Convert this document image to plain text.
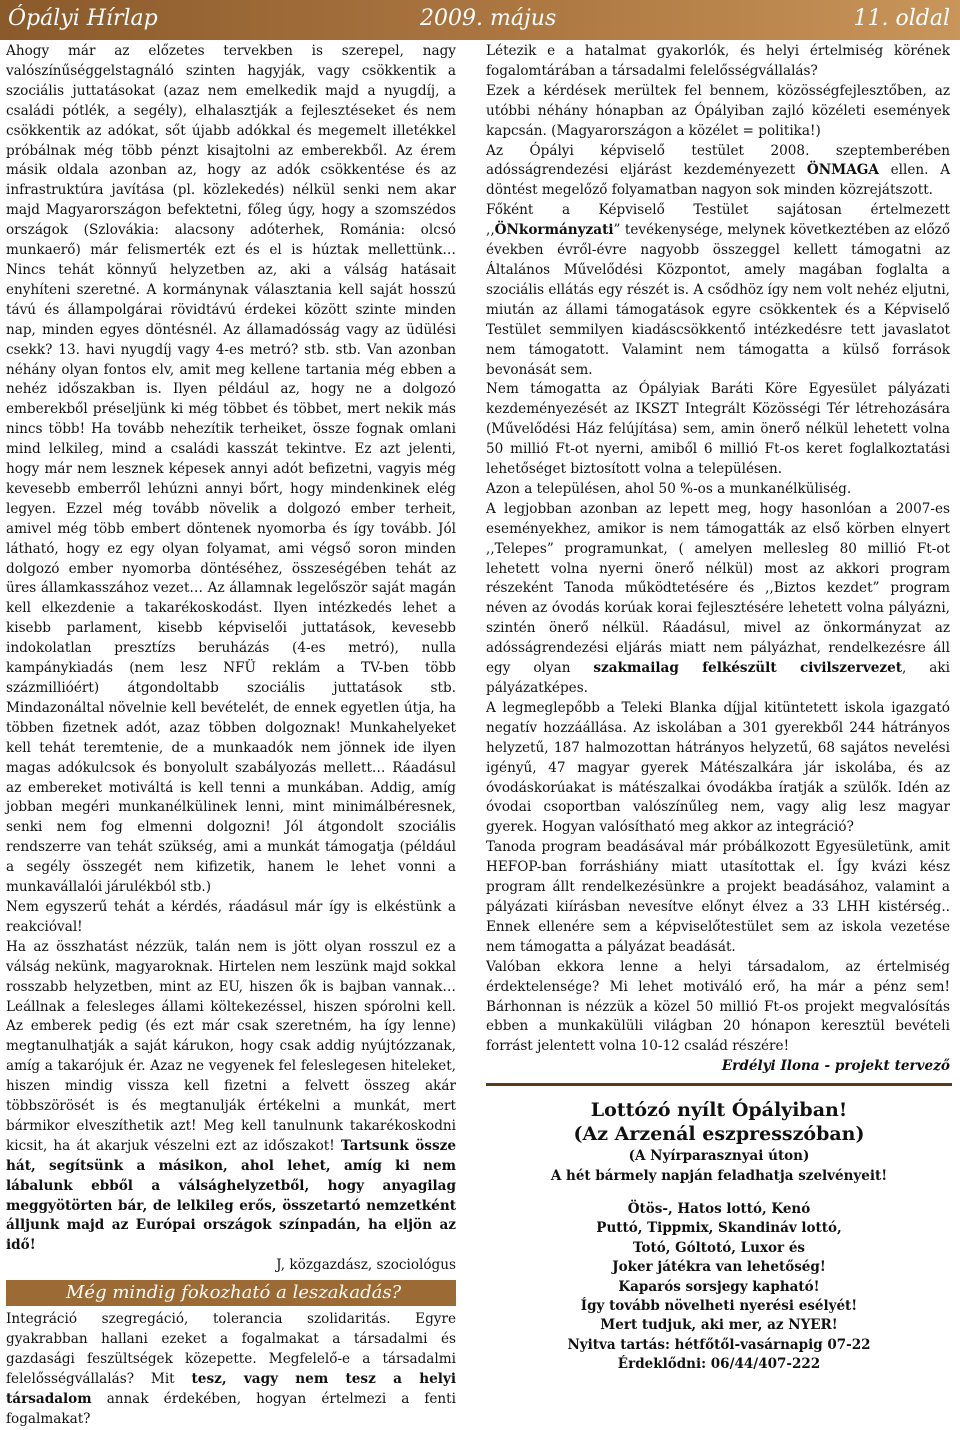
Ópályi Hírlap	2009. május	11. oldal

Ahogy már az előzetes tervekben is szerepel, nagy valószínűséggelstagnáló szinten hagyják, vagy csökkentik a szociális juttatásokat (azaz nem emelkedik majd a nyugdíj, a családi pótlék, a segély), elhalasztják a fejlesztéseket és nem csökkentik az adókat, sőt újabb adókkal és megemelt illetékkel próbálnak még több pénzt kisajtolni az emberekből. Az érem másik oldala azonban az, hogy az adók csökkentése és az infrastruktúra javítása (pl. közlekedés) nélkül senki nem akar majd Magyarországon befektetni, főleg úgy, hogy a szomszédos országok (Szlovákia: alacsony adóterhek, Románia: olcsó munkaerő) már felismerték ezt és el is húztak mellettünk… Nincs tehát könnyű helyzetben az, aki a válság hatásait enyhíteni szeretné. A kormánynak választania kell saját hosszú távú és állampolgárai rövidtávú érdekei között szinte minden nap, minden egyes döntésnél. Az államadósság vagy az üdülési csekk? 13. havi nyugdíj vagy 4-es metró? stb. stb. Van azonban néhány olyan fontos elv, amit meg kellene tartania még ebben a nehéz időszakban is. Ilyen például az, hogy ne a dolgozó emberekből préseljünk ki még többet és többet, mert nekik más nincs több! Ha tovább nehezítik terheiket, össze fognak omlani mind lelkileg, mind a családi kasszát tekintve. Ez azt jelenti, hogy már nem lesznek képesek annyi adót befizetni, vagyis még kevesebb emberről lehúzni annyi bőrt, hogy mindenkinek elég legyen. Ezzel még tovább növelik a dolgozó ember terheit, amivel még több embert döntenek nyomorba és így tovább. Jól látható, hogy ez egy olyan folyamat, ami végső soron minden dolgozó ember nyomorba döntéséhez, összeségében tehát az üres államkasszához vezet… Az államnak legelőször saját magán kell elkezdenie a takarékoskodást. Ilyen intézkedés lehet a kisebb parlament, kisebb képviselői juttatások, kevesebb indokolatlan presztízs beruházás (4-es metró), nulla kampánykiadás (nem lesz NFÜ reklám a TV-ben több százmillióért) átgondoltabb szociális juttatások stb. Mindazonáltal növelnie kell bevételét, de ennek egyetlen útja, ha többen fizetnek adót, azaz többen dolgoznak! Munkahelyeket kell tehát teremtenie, de a munkaadók nem jönnek ide ilyen magas adókulcsok és bonyolult szabályozás mellett… Ráadásul az embereket motiváltá is kell tenni a munkában. Addig, amíg jobban megéri munkanélkülinek lenni, mint minimálbéresnek, senki nem fog elmenni dolgozni! Jól átgondolt szociális rendszerre van tehát szükség, ami a munkát támogatja (például a segély összegét nem kifizetik, hanem le lehet vonni a munkavállalói járulékból stb.)

Nem egyszerű tehát a kérdés, ráadásul már így is elkéstünk a reakcióval!

Ha az összhatást nézzük, talán nem is jött olyan rosszul ez a válság nekünk, magyaroknak. Hirtelen nem leszünk majd sokkal rosszabb helyzetben, mint az EU, hiszen ők is bajban vannak… Leállnak a felesleges állami költekezéssel, hiszen spórolni kell. Az emberek pedig (és ezt már csak szeretném, ha így lenne) megtanulhatják a saját kárukon, hogy csak addig nyújtózzanak, amíg a takarójuk ér. Azaz ne vegyenek fel feleslegesen hiteleket, hiszen mindig vissza kell fizetni a felvett összeg akár többszörösét is és megtanulják értékelni a munkát, mert bármikor elveszíthetik azt! Meg kell tanulnunk takarékoskodni kicsit, ha át akarjuk vészelni ezt az időszakot! Tartsunk össze hát, segítsünk a másikon, ahol lehet, amíg ki nem lábalunk ebből a válsághelyzetből, hogy anyagilag meggyötörten bár, de lelkileg erős, összetartó nemzetként álljunk majd az Európai országok színpadán, ha eljön az idő!

J, közgazdász, szociológus

Még mindig fokozható a leszakadás?

Integráció szegregáció, tolerancia szolidaritás. Egyre gyakrabban hallani ezeket a fogalmakat a társadalmi és gazdasági feszültségek közepette. Megfelelő-e a társadalmi felelősségvállalás? Mit tesz, vagy nem tesz a helyi társadalom annak érdekében, hogyan értelmezi a fenti fogalmakat?

Létezik e a hatalmat gyakorlók, és helyi értelmiség körének fogalomtárában a társadalmi felelősségvállalás?

Ezek a kérdések merültek fel bennem, közösségfejlesztőben, az utóbbi néhány hónapban az Ópályiban zajló közéleti események kapcsán. (Magyarországon a közélet = politika!)

Az Ópályi képviselő testület 2008. szeptemberében adósságrendezési eljárást kezdeményezett ÖNMAGA ellen. A döntést megelőző folyamatban nagyon sok minden közrejátszott.

Főként a Képviselő Testület sajátosan értelmezett ,,ÖNkormányzati” tevékenysége, melynek következtében az előző években évről-évre nagyobb összeggel kellett támogatni az Általános Művelődési Központot, amely magában foglalta a szociális ellátás egy részét is. A csődhöz így nem volt nehéz eljutni, miután az állami támogatások egyre csökkentek és a Képviselő Testület semmilyen kiadáscsökkentő intézkedésre tett javaslatot nem támogatott. Valamint nem támogatta a külső források bevonását sem.

Nem támogatta az Ópályiak Baráti Köre Egyesület pályázati kezdeményezését az IKSZT Integrált Közösségi Tér létrehozására (Művelődési Ház felújítása) sem, amin önerő nélkül lehetett volna 50 millió Ft-ot nyerni, amiből 6 millió Ft-os keret foglalkoztatási lehetőséget biztosított volna a településen.

Azon a településen, ahol 50 %-os a munkanélküliség.

A legjobban azonban az lepett meg, hogy hasonlóan a 2007-es eseményekhez, amikor is nem támogatták az első körben elnyert ,,Telepes” programunkat, ( amelyen mellesleg 80 millió Ft-ot lehetett volna nyerni önerő nélkül) most az akkori program részeként Tanoda működtetésére és ,,Biztos kezdet” program néven az óvodás korúak korai fejlesztésére lehetett volna pályázni, szintén önerő nélkül. Ráadásul, mivel az önkormányzat az adósságrendezési eljárás miatt nem pályázhat, rendelkezésre áll egy olyan szakmailag felkészült civilszervezet, aki pályázatképes.

A legmeglepőbb a Teleki Blanka díjjal kitüntetett iskola igazgató negatív hozzáállása. Az iskolában a 301 gyerekből 244 hátrányos helyzetű, 187 halmozottan hátrányos helyzetű, 68 sajátos nevelési igényű, 47 magyar gyerek Mátészalkára jár iskolába, és az óvodáskorúakat is mátészalkai óvodákba íratják a szülők. Idén az óvodai csoportban valószínűleg nem, vagy alig lesz magyar gyerek. Hogyan valósítható meg akkor az integráció?

Tanoda program beadásával már próbálkozott Egyesületünk, amit HEFOP-ban forráshiány miatt utasítottak el. Így kvázi kész program állt rendelkezésünkre a projekt beadásához, valamint a pályázati kiírásban nevesítve előnyt élvez a 33 LHH kistérség.. Ennek ellenére sem a képviselőtestület sem az iskola vezetése nem támogatta a pályázat beadását.

Valóban ekkora lenne a helyi társadalom, az értelmiség érdektelensége? Mi lehet motiváló erő, ha már a pénz sem! Bárhonnan is nézzük a közel 50 millió Ft-os projekt megvalósítás ebben a munkakülüli világban 20 hónapon keresztül bevételi forrást jelentett volna 10-12 család részére!

Erdélyi Ilona - projekt tervező

Lottózó nyílt Ópályiban!
(Az Arzenál eszpresszóban)
(A Nyírparasznyai úton)
A hét bármely napján feladhatja szelvényeit!
Ötös-, Hatos lottó, Kenó
Puttó, Tippmix, Skandináv lottó,
Totó, Góltotó, Luxor és
Joker játékra van lehetőség!
Kaparós sorsjegy kapható!
Így tovább növelheti nyerési esélyét!
Mert tudjuk, aki mer, az NYER!
Nyitva tartás: hétfőtől-vasárnapig 07-22
Érdeklődni: 06/44/407-222
